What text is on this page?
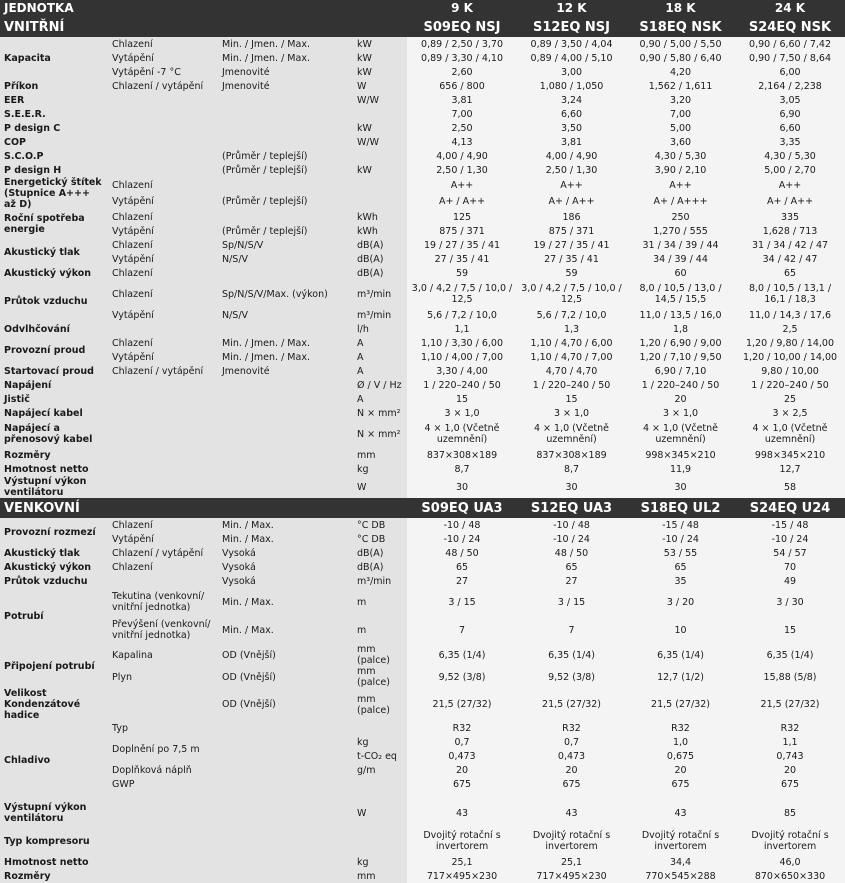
JEDNOTKA				9 K	12 K	18 K	24 K
VNITŘNÍ				S09EQ NSJ	S12EQ NSJ	S18EQ NSK	S24EQ NSK
Kapacita	Chlazení	Min. / Jmen. / Max.	kW	0,89 / 2,50 / 3,70	0,89 / 3,50 / 4,04	0,90 / 5,00 / 5,50	0,90 / 6,60 / 7,42
	Vytápění	Min. / Jmen. / Max.	kW	0,89 / 3,30 / 4,10	0,89 / 4,00 / 5,10	0,90 / 5,80 / 6,40	0,90 / 7,50 / 8,64
	Vytápění -7 °C	Jmenovité	kW	2,60	3,00	4,20	6,00
Příkon	Chlazení / vytápění	Jmenovité	W	656 / 800	1,080 / 1,050	1,562 / 1,611	2,164 / 2,238
EER			W/W	3,81	3,24	3,20	3,05
S.E.E.R.				7,00	6,60	7,00	6,90
P design C			kW	2,50	3,50	5,00	6,60
COP			W/W	4,13	3,81	3,60	3,35
S.C.O.P		(Průměr / teplejší)		4,00 / 4,90	4,00 / 4,90	4,30 / 5,30	4,30 / 5,30
P design H		(Průměr / teplejší)	kW	2,50 / 1,30	2,50 / 1,30	3,90 / 2,10	5,00 / 2,70
Energetický štítek (Stupnice A+++ až D)	Chlazení			A++	A++	A++	A++
	Vytápění	(Průměr / teplejší)		A+ / A++	A+ / A++	A+ / A+++	A+ / A++
Roční spotřeba energie	Chlazení		kWh	125	186	250	335
	Vytápění	(Průměr / teplejší)	kWh	875 / 371	875 / 371	1,270 / 555	1,628 / 713
Akustický tlak	Chlazení	Sp/N/S/V	dB(A)	19 / 27 / 35 / 41	19 / 27 / 35 / 41	31 / 34 / 39 / 44	31 / 34 / 42 / 47
	Vytápění	N/S/V	dB(A)	27 / 35 / 41	27 / 35 / 41	34 / 39 / 44	34 / 42 / 47
Akustický výkon	Chlazení		dB(A)	59	59	60	65
Průtok vzduchu	Chlazení	Sp/N/S/V/Max. (výkon)	m³/min	3,0 / 4,2 / 7,5 / 10,0 / 12,5	3,0 / 4,2 / 7,5 / 10,0 / 12,5	8,0 / 10,5 / 13,0 / 14,5 / 15,5	8,0 / 10,5 / 13,1 / 16,1 / 18,3
	Vytápění	N/S/V	m³/min	5,6 / 7,2 / 10,0	5,6 / 7,2 / 10,0	11,0 / 13,5 / 16,0	11,0 / 14,3 / 17,6
Odvlhčování			l/h	1,1	1,3	1,8	2,5
Provozní proud	Chlazení	Min. / Jmen. / Max.	A	1,10 / 3,30 / 6,00	1,10 / 4,70 / 6,00	1,20 / 6,90 / 9,00	1,20 / 9,80 / 14,00
	Vytápění	Min. / Jmen. / Max.	A	1,10 / 4,00 / 7,00	1,10 / 4,70 / 7,00	1,20 / 7,10 / 9,50	1,20 / 10,00 / 14,00
Startovací proud	Chlazení / vytápění	Jmenovité	A	3,30 / 4,00	4,70 / 4,70	6,90 / 7,10	9,80 / 10,00
Napájení			Ø / V / Hz	1 / 220–240 / 50	1 / 220–240 / 50	1 / 220–240 / 50	1 / 220–240 / 50
Jistič			A	15	15	20	25
Napájecí kabel			N × mm²	3 × 1,0	3 × 1,0	3 × 1,0	3 × 2,5
Napájecí a přenosový kabel			N × mm²	4 × 1,0 (Včetně uzemnění)	4 × 1,0 (Včetně uzemnění)	4 × 1,0 (Včetně uzemnění)	4 × 1,0 (Včetně uzemnění)
Rozměry			mm	837×308×189	837×308×189	998×345×210	998×345×210
Hmotnost netto			kg	8,7	8,7	11,9	12,7
Výstupní výkon ventilátoru			W	30	30	30	58
VENKOVNÍ				S09EQ UA3	S12EQ UA3	S18EQ UL2	S24EQ U24
Provozní rozmezí	Chlazení	Min. / Max.	°C DB	-10 / 48	-10 / 48	-15 / 48	-15 / 48
	Vytápění	Min. / Max.	°C DB	-10 / 24	-10 / 24	-10 / 24	-10 / 24
Akustický tlak	Chlazení / vytápění	Vysoká	dB(A)	48 / 50	48 / 50	53 / 55	54 / 57
Akustický výkon	Chlazení	Vysoká	dB(A)	65	65	65	70
Průtok vzduchu		Vysoká	m³/min	27	27	35	49
Potrubí	Tekutina (venkovní/ vnitřní jednotka)	Min. / Max.	m	3 / 15	3 / 15	3 / 20	3 / 30
	Převýšení (venkovní/ vnitřní jednotka)	Min. / Max.	m	7	7	10	15
Připojení potrubí	Kapalina	OD (Vnější)	mm (palce)	6,35 (1/4)	6,35 (1/4)	6,35 (1/4)	6,35 (1/4)
	Plyn	OD (Vnější)	mm (palce)	9,52 (3/8)	9,52 (3/8)	12,7 (1/2)	15,88 (5/8)
Velikost Kondenzátové hadice		OD (Vnější)	mm (palce)	21,5 (27/32)	21,5 (27/32)	21,5 (27/32)	21,5 (27/32)
Chladivo	Typ			R32	R32	R32	R32
	Doplnění po 7,5 m		kg	0,7	0,7	1,0	1,1
			t-CO₂ eq	0,473	0,473	0,675	0,743
	Doplňková náplň		g/m	20	20	20	20
	GWP			675	675	675	675

Výstupní výkon ventilátoru			W	43	43	43	85
Typ kompresoru				Dvojitý rotační s invertorem	Dvojitý rotační s invertorem	Dvojitý rotační s invertorem	Dvojitý rotační s invertorem
Hmotnost netto			kg	25,1	25,1	34,4	46,0
Rozměry			mm	717×495×230	717×495×230	770×545×288	870×650×330
